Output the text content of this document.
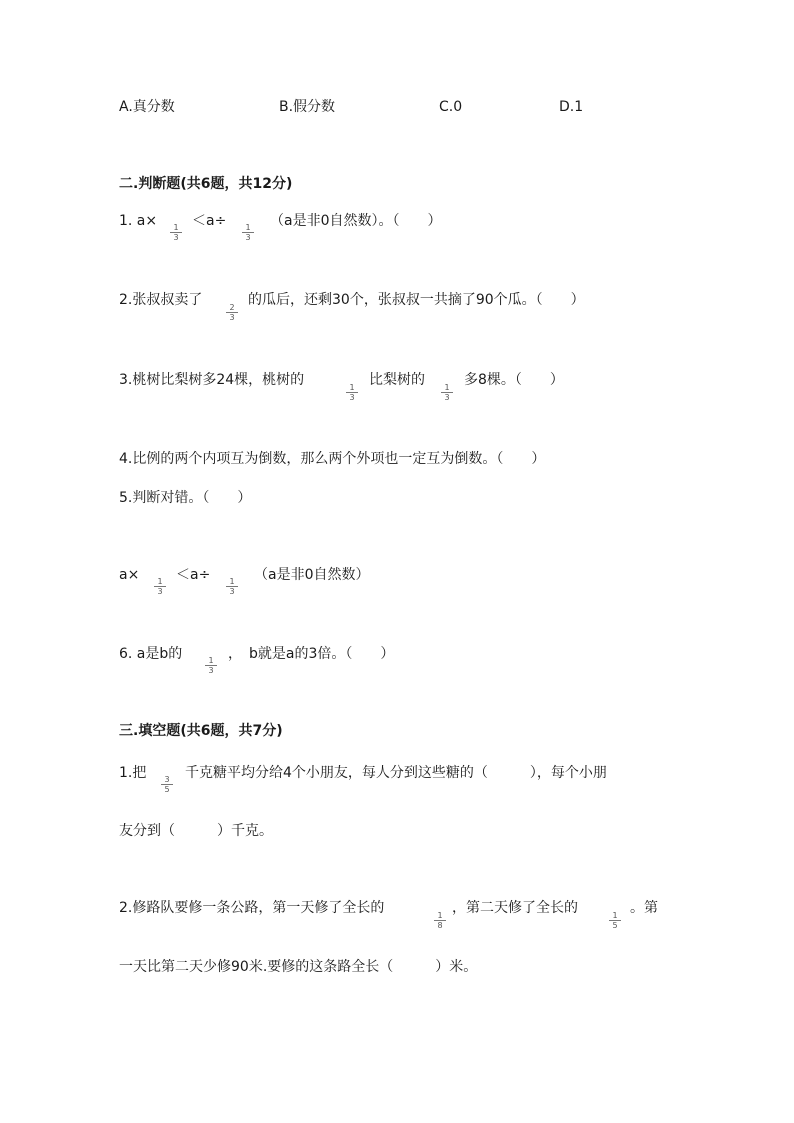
A.真分数	B.假分数	C.0	D.1
二.判断题(共6题，共12分)
1. a×
$\frac{1}{3}$
＜a÷
$\frac{1}{3}$
（a是非0自然数）。（　　）
2.张叔叔卖了
$\frac{2}{3}$
的瓜后，还剩30个，张叔叔一共摘了90个瓜。（　　）
3.桃树比梨树多24棵，桃树的
$\frac{1}{3}$
比梨树的
$\frac{1}{3}$
多8棵。（　　）
4.比例的两个内项互为倒数，那么两个外项也一定互为倒数。（　　）
5.判断对错。（　　）
a×
$\frac{1}{3}$
＜a÷
$\frac{1}{3}$
（a是非0自然数）
6. a是b的
$\frac{1}{3}$
，　b就是a的3倍。（　　）
三.填空题(共6题，共7分)
1.把
$\frac{3}{5}$
千克糖平均分给4个小朋友，每人分到这些糖的（　　　），每个小朋
友分到（　　　）千克。
2.修路队要修一条公路，第一天修了全长的
$\frac{1}{8}$
，第二天修了全长的
$\frac{1}{5}$
。第
一天比第二天少修90米.要修的这条路全长（　　　）米。
